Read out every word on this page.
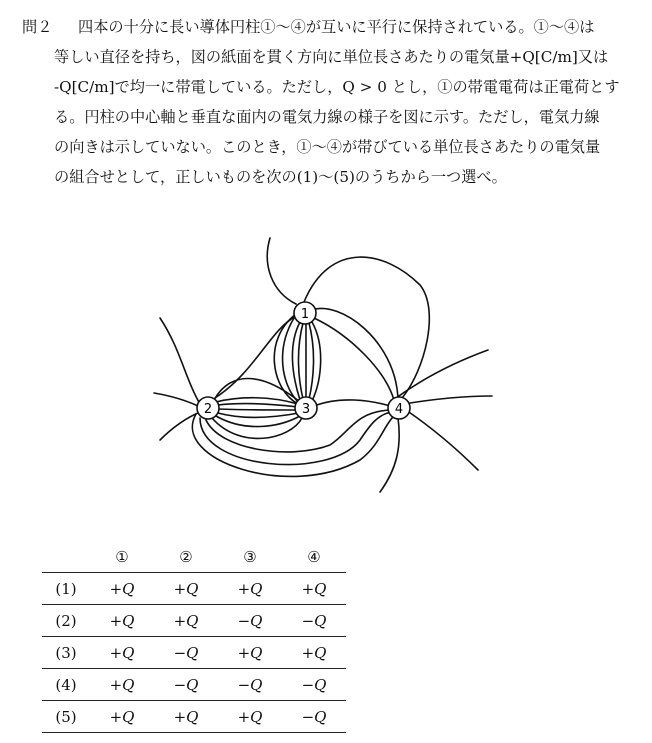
問２ 四本の十分に長い導体円柱①〜④が互いに平行に保持されている。①〜④は
等しい直径を持ち，図の紙面を貫く方向に単位長さあたりの電気量+Q[C/m]又は
-Q[C/m]で均一に帯電している。ただし，Q > 0 とし，①の帯電電荷は正電荷とす
る。円柱の中心軸と垂直な面内の電気力線の様子を図に示す。ただし，電気力線
の向きは示していない。このとき，①〜④が帯びている単位長さあたりの電気量
の組合せとして，正しいものを次の(1)〜(5)のうちから一つ選べ。
1
2	3	4
	①	②	③	④
(1)	+Q	+Q	+Q	+Q
(2)	+Q	+Q	−Q	−Q
(3)	+Q	−Q	+Q	+Q
(4)	+Q	−Q	−Q	−Q
(5)	+Q	+Q	+Q	−Q
